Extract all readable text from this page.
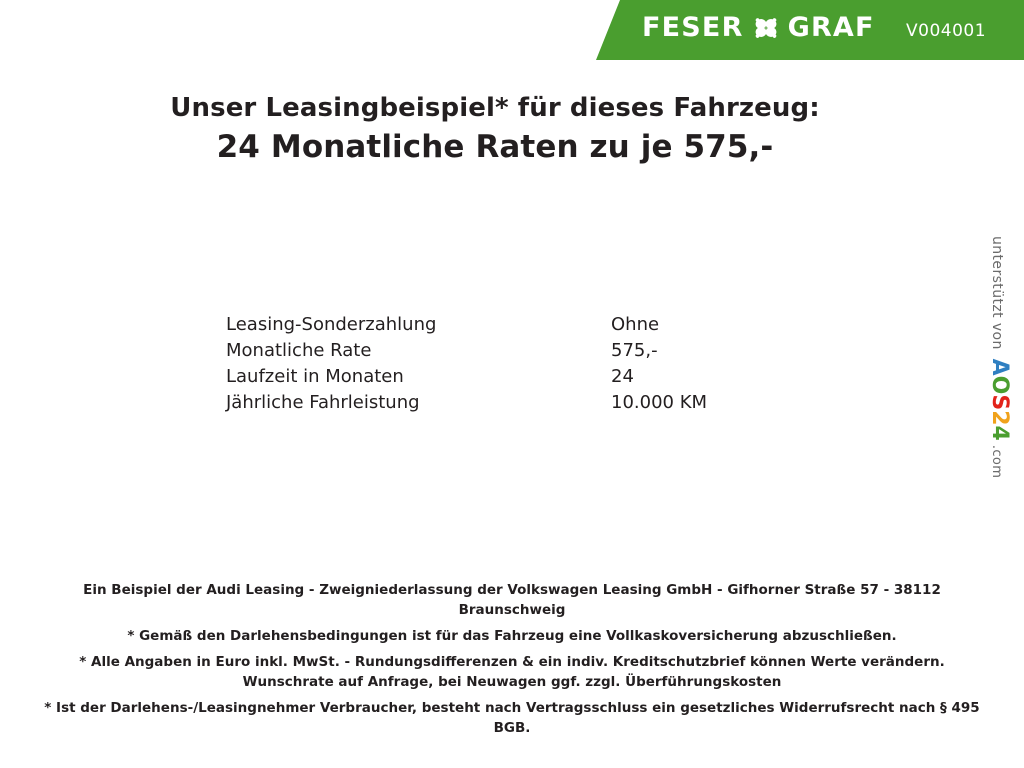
FESER GRAF V004001
Unser Leasingbeispiel* für dieses Fahrzeug:
24 Monatliche Raten zu je 575,-
Leasing-Sonderzahlung	Ohne
Monatliche Rate	575,-
Laufzeit in Monaten	24
Jährliche Fahrleistung	10.000 KM
unterstützt von AOS24.com

Ein Beispiel der Audi Leasing - Zweigniederlassung der Volkswagen Leasing GmbH - Gifhorner Straße 57 - 38112 Braunschweig

* Gemäß den Darlehensbedingungen ist für das Fahrzeug eine Vollkaskoversicherung abzuschließen.

* Alle Angaben in Euro inkl. MwSt. - Rundungsdifferenzen & ein indiv. Kreditschutzbrief können Werte verändern. Wunschrate auf Anfrage, bei Neuwagen ggf. zzgl. Überführungskosten

* Ist der Darlehens-/Leasingnehmer Verbraucher, besteht nach Vertragsschluss ein gesetzliches Widerrufsrecht nach § 495 BGB.
